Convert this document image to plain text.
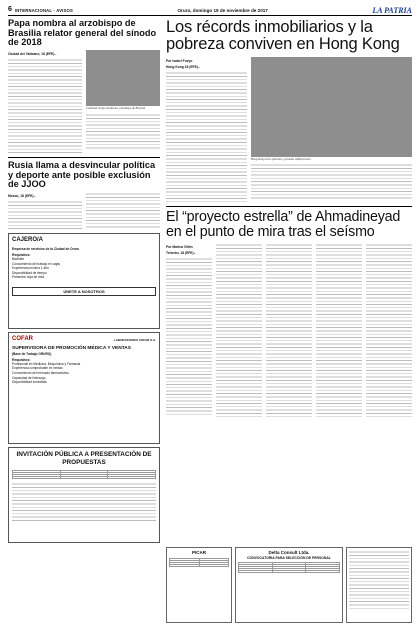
6 INTERNACIONAL - AVISOS	Oruro, domingo 19 de noviembre de 2017	LA PATRIA
Papa nombra al arzobispo de Brasilia relator general del sínodo de 2018
Ciudad del Vaticano, 18 (EFE).-
Cardenal Sergio da Rocha, arzobispo de Brasilia
Rusia llama a desvincular política y deporte ante posible exclusión de JJOO
Moscú, 18 (EFE).-
CAJERO/A
Empresa de servicios de la Ciudad de Oruro
Requisitos:
Bachiller
Conocimiento del trabajo en cajas
Experiencia mínima 1 año
Disponibilidad de tiempo
Presentar hoja de vida
ÚNETE A NOSOTROS
COFAR	LABORATORIOS COFAR S.A.
SUPERVISORA DE PROMOCIÓN MÉDICA Y VENTAS
(Base de Trabajo ORURO)
Requisitos:
Profesional en Medicina, Bioquímica y Farmacia
Experiencia comprobable en ventas
Conocimiento del mercado farmacéutico
Capacidad de liderazgo
Disponibilidad inmediata
INVITACIÓN PÚBLICA A PRESENTACIÓN DE PROPUESTAS

Los récords inmobiliarios y la pobreza conviven en Hong Kong
Por Isabel Fueyo
Hong Kong 18 (EFE).-
Hong Kong entre pobreza y grandes edificaciones
El “proyecto estrella” de Ahmadineyad en el punto de mira tras el seísmo
Por Marina Villén
Teherán, 18 (EFE).-
PICAR

		Delta Consult Ltda.
CONVOCATORIA PARA SELECCIÓN DE PERSONAL
